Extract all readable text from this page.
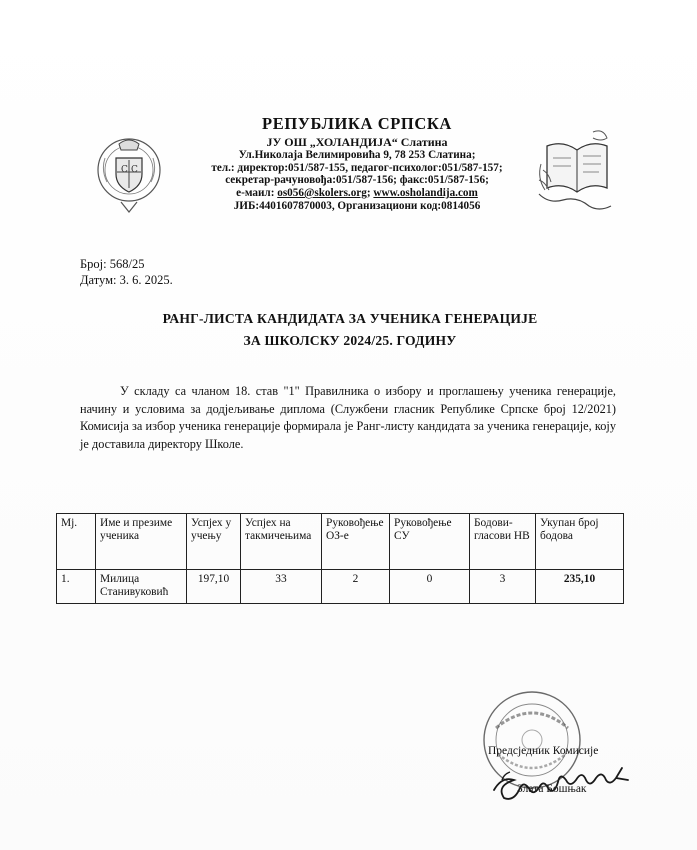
С С
РЕПУБЛИКА СРПСКА
ЈУ ОШ „ХОЛАНДИЈА“ Слатина
Ул.Николаја Велимировића 9, 78 253 Слатина;
тел.: директор:051/587-155, педагог-психолог:051/587-157;
секретар-рачуновођа:051/587-156; факс:051/587-156;
е-маил: os056@skolers.org; www.osholandija.com
ЈИБ:4401607870003, Организациони код:0814056
Број: 568/25
Датум: 3. 6. 2025.
РАНГ-ЛИСТА КАНДИДАТА ЗА УЧЕНИКА ГЕНЕРАЦИЈЕ
ЗА ШКОЛСКУ 2024/25. ГОДИНУ
У складу са чланом 18. став "1" Правилника о избору и проглашењу ученика генерације, начину и условима за додјељивање диплома (Службени гласник Републике Српске број 12/2021) Комисија за избор ученика генерације формирала је Ранг-листу кандидата за ученика генерације, коју је доставила директору Школе.
Мј.	Име и презиме ученика	Успјех у учењу	Успјех на такмичењима	Руковођење ОЗ-е	Руковођење СУ	Бодови-гласови НВ	Укупан број бодова
1.	Милица Станивуковић	197,10	33	2	0	3	235,10
Предсједник Комисије
Злата Бошњак
